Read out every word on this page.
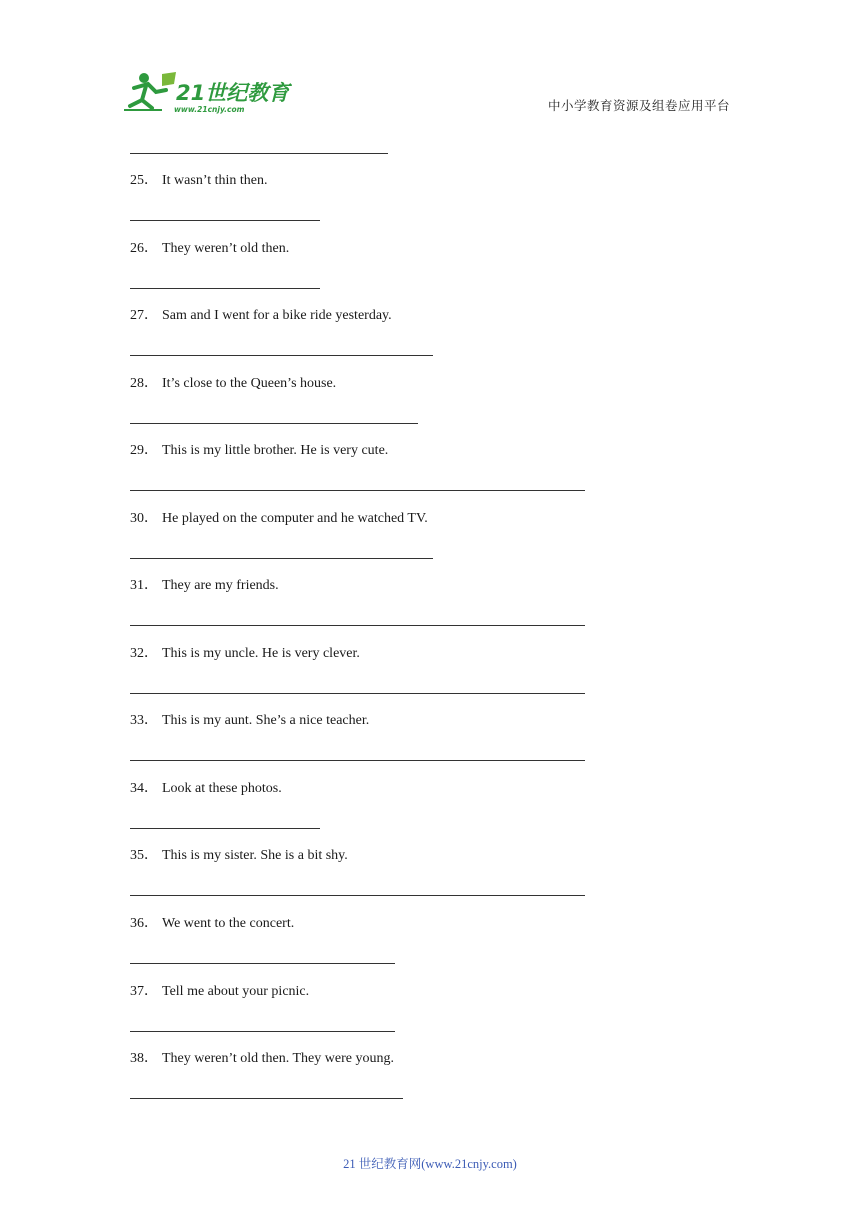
21世纪教育
www.21cnjy.com	中小学教育资源及组卷应用平台
25． It wasn’t thin then.
26． They weren’t old then.
27． Sam and I went for a bike ride yesterday.
28． It’s close to the Queen’s house.
29． This is my little brother. He is very cute.
30． He played on the computer and he watched TV.
31． They are my friends.
32． This is my uncle. He is very clever.
33． This is my aunt. She’s a nice teacher.
34． Look at these photos.
35． This is my sister. She is a bit shy.
36． We went to the concert.
37． Tell me about your picnic.
38． They weren’t old then. They were young.
21 世纪教育网(www.21cnjy.com)
